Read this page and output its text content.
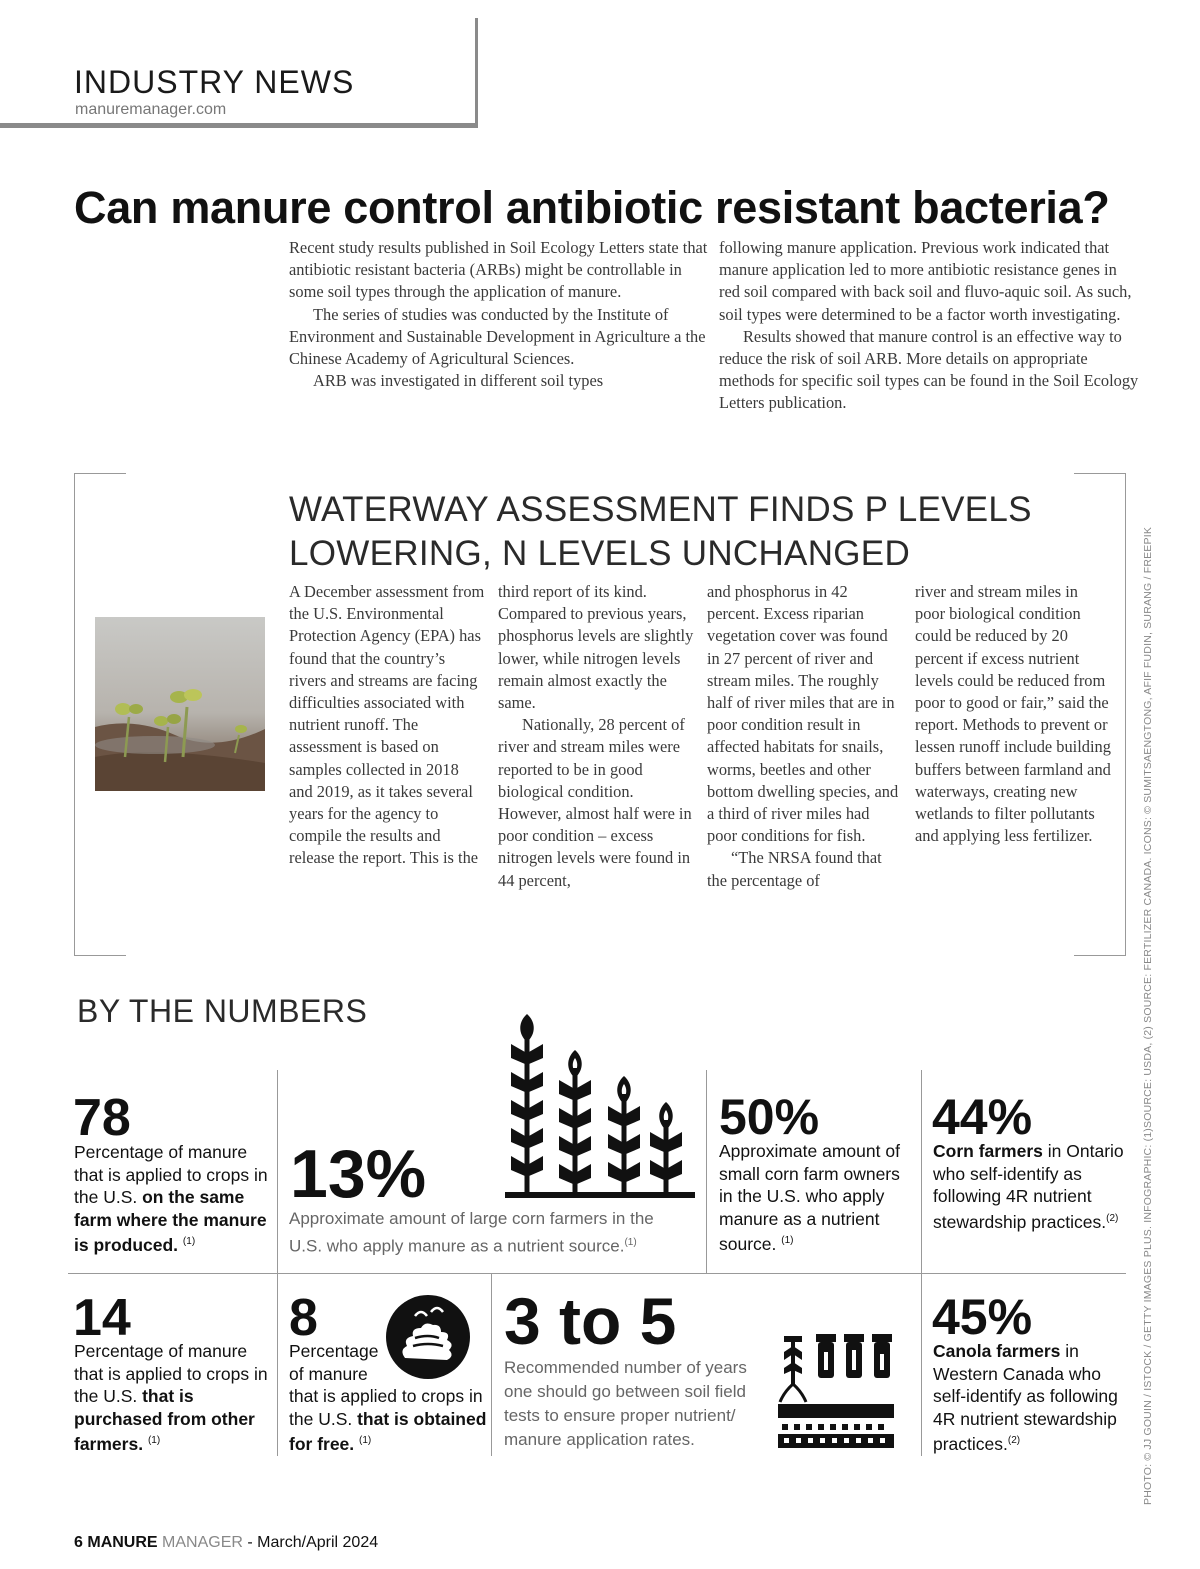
INDUSTRY NEWS
manuremanager.com
Can manure control antibiotic resistant bacteria?

Recent study results published in Soil Ecology Letters state that antibiotic resistant bacteria (ARBs) might be controllable in some soil types through the application of manure.

The series of studies was conducted by the Institute of Environment and Sustainable Development in Agriculture a the Chinese Academy of Agricultural Sciences.

ARB was investigated in different soil types

following manure application. Previous work indicated that manure application led to more antibiotic resistance genes in red soil compared with back soil and fluvo-aquic soil. As such, soil types were determined to be a factor worth investigating.

Results showed that manure control is an effective way to reduce the risk of soil ARB. More details on appropriate methods for specific soil types can be found in the Soil Ecology Letters publication.

WATERWAY ASSESSMENT FINDS P LEVELS LOWERING, N LEVELS UNCHANGED

A December assessment from the U.S. Environmental Protection Agency (EPA) has found that the country’s rivers and streams are facing difficulties associated with nutrient runoff. The assessment is based on samples collected in 2018 and 2019, as it takes several years for the agency to compile the results and release the report. This is the

third report of its kind. Compared to previous years, phosphorus levels are slightly lower, while nitrogen levels remain almost exactly the same.

Nationally, 28 percent of river and stream miles were reported to be in good biological condition. However, almost half were in poor condition – excess nitrogen levels were found in 44 percent,

and phosphorus in 42 percent. Excess riparian vegetation cover was found in 27 percent of river and stream miles. The roughly half of river miles that are in poor condition result in affected habitats for snails, worms, beetles and other bottom dwelling species, and a third of river miles had poor conditions for fish.

“The NRSA found that the percentage of

river and stream miles in poor biological condition could be reduced by 20 percent if excess nutrient levels could be reduced from poor to good or fair,” said the report. Methods to prevent or lessen runoff include building buffers between farmland and waterways, creating new wetlands to filter pollutants and applying less fertilizer.

BY THE NUMBERS
78
Percentage of manure that is applied to crops in the U.S. on the same farm where the manure is produced. $^{(1)}$
13%
Approximate amount of large corn farmers in the U.S. who apply manure as a nutrient source.$^{(1)}$
50%
Approximate amount of small corn farm owners in the U.S. who apply manure as a nutrient source. $^{(1)}$
44%
Corn farmers in Ontario who self-identify as following 4R nutrient stewardship practices.$^{(2)}$
14
Percentage of manure that is applied to crops in the U.S. that is purchased from other farmers. $^{(1)}$
8
Percentage of manure
that is applied to crops in the U.S. that is obtained for free. $^{(1)}$
3 to 5
Recommended number of years one should go between soil field tests to ensure proper nutrient/ manure application rates.
45%
Canola farmers in Western Canada who self-identify as following 4R nutrient stewardship practices.$^{(2)}$	PHOTO: © JJ GOUIN / ISTOCK / GETTY IMAGES PLUS. INFOGRAPHIC: (1)SOURCE: USDA, (2) SOURCE: FERTILIZER CANADA. ICONS: © SUMITSAENGTONG, AFIF FUDIN, SURANG / FREEPIK
6 MANURE MANAGER - March/April 2024
